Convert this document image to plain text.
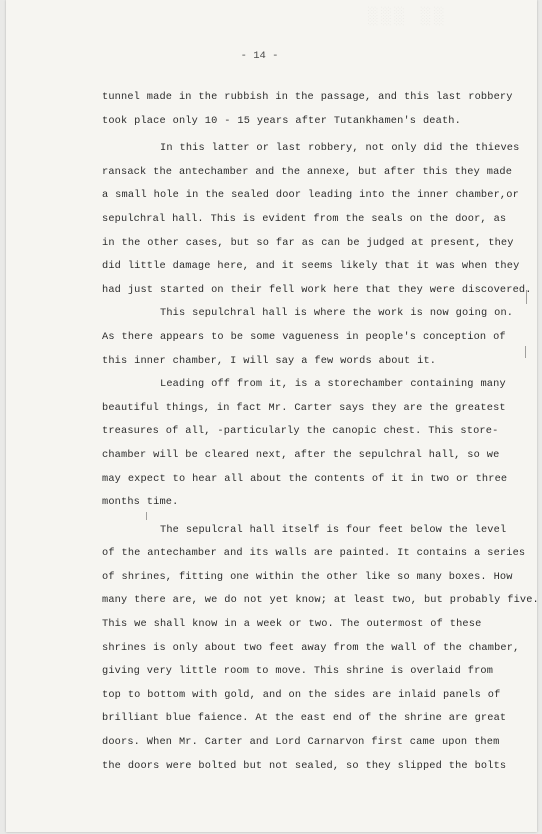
░░░ ░░
- 14 -

tunnel made in the rubbish in the passage, and this last robbery
took place only 10 - 15 years after Tutankhamen's death.

In this latter or last robbery, not only did the thieves
ransack the antechamber and the annexe, but after this they made
a small hole in the sealed door leading into the inner chamber,or
sepulchral hall. This is evident from the seals on the door, as
in the other cases, but so far as can be judged at present, they
did little damage here, and it seems likely that it was when they
had just started on their fell work here that they were discovered.

This sepulchral hall is where the work is now going on.
As there appears to be some vagueness in people's conception of
this inner chamber, I will say a few words about it.

Leading off from it, is a storechamber containing many
beautiful things, in fact Mr. Carter says they are the greatest
treasures of all, -particularly the canopic chest. This store-
chamber will be cleared next, after the sepulchral hall, so we
may expect to hear all about the contents of it in two or three
months time.

The sepulcral hall itself is four feet below the level
of the antechamber and its walls are painted. It contains a series
of shrines, fitting one within the other like so many boxes. How
many there are, we do not yet know; at least two, but probably five.
This we shall know in a week or two. The outermost of these
shrines is only about two feet away from the wall of the chamber,
giving very little room to move. This shrine is overlaid from
top to bottom with gold, and on the sides are inlaid panels of
brilliant blue faience. At the east end of the shrine are great
doors. When Mr. Carter and Lord Carnarvon first came upon them
the doors were bolted but not sealed, so they slipped the bolts
